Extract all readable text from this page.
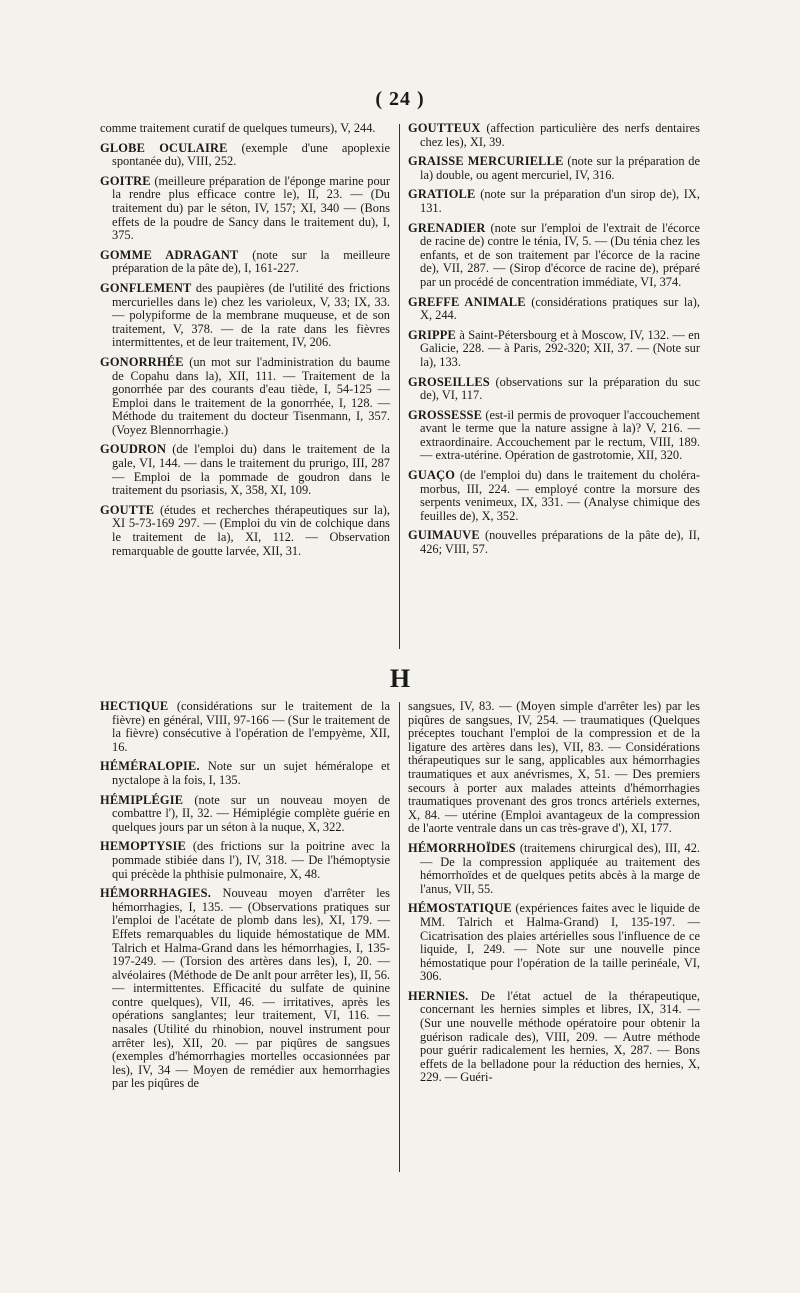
( 24 )

comme traitement curatif de quelques tumeurs), V, 244.

GLOBE OCULAIRE (exemple d'une apoplexie spontanée du), VIII, 252.

GOITRE (meilleure préparation de l'éponge marine pour la rendre plus efficace contre le), II, 23. — (Du traitement du) par le séton, IV, 157; XI, 340 — (Bons effets de la poudre de Sancy dans le traitement du), I, 375.

GOMME ADRAGANT (note sur la meilleure préparation de la pâte de), I, 161-227.

GONFLEMENT des paupières (de l'utilité des frictions mercurielles dans le) chez les varioleux, V, 33; IX, 33. — polypiforme de la membrane muqueuse, et de son traitement, V, 378. — de la rate dans les fièvres intermittentes, et de leur traitement, IV, 206.

GONORRHÉE (un mot sur l'administration du baume de Copahu dans la), XII, 111. — Traitement de la gonorrhée par des courants d'eau tiède, I, 54-125 — Emploi dans le traitement de la gonorrhée, I, 128. — Méthode du traitement du docteur Tisenmann, I, 357. (Voyez Blennorrhagie.)

GOUDRON (de l'emploi du) dans le traitement de la gale, VI, 144. — dans le traitement du prurigo, III, 287 — Emploi de la pommade de goudron dans le traitement du psoriasis, X, 358, XI, 109.

GOUTTE (études et recherches thérapeutiques sur la), XI 5-73-169 297. — (Emploi du vin de colchique dans le traitement de la), XI, 112. — Observation remarquable de goutte larvée, XII, 31.

GOUTTEUX (affection particulière des nerfs dentaires chez les), XI, 39.

GRAISSE MERCURIELLE (note sur la préparation de la) double, ou agent mercuriel, IV, 316.

GRATIOLE (note sur la préparation d'un sirop de), IX, 131.

GRENADIER (note sur l'emploi de l'extrait de l'écorce de racine de) contre le ténia, IV, 5. — (Du ténia chez les enfants, et de son traitement par l'écorce de la racine de), VII, 287. — (Sirop d'écorce de racine de), préparé par un procédé de concentration immédiate, VI, 374.

GREFFE ANIMALE (considérations pratiques sur la), X, 244.

GRIPPE à Saint-Pétersbourg et à Moscow, IV, 132. — en Galicie, 228. — à Paris, 292-320; XII, 37. — (Note sur la), 133.

GROSEILLES (observations sur la préparation du suc de), VI, 117.

GROSSESSE (est-il permis de provoquer l'accouchement avant le terme que la nature assigne à la)? V, 216. — extraordinaire. Accouchement par le rectum, VIII, 189. — extra-utérine. Opération de gastrotomie, XII, 320.

GUAÇO (de l'emploi du) dans le traitement du choléra-morbus, III, 224. — employé contre la morsure des serpents venimeux, IX, 331. — (Analyse chimique des feuilles de), X, 352.

GUIMAUVE (nouvelles préparations de la pâte de), II, 426; VIII, 57.

H

HECTIQUE (considérations sur le traitement de la fièvre) en général, VIII, 97-166 — (Sur le traitement de la fièvre) consécutive à l'opération de l'empyème, XII, 16.

HÉMÉRALOPIE. Note sur un sujet héméralope et nyctalope à la fois, I, 135.

HÉMIPLÉGIE (note sur un nouveau moyen de combattre l'), II, 32. — Hémiplégie complète guérie en quelques jours par un séton à la nuque, X, 322.

HEMOPTYSIE (des frictions sur la poitrine avec la pommade stibiée dans l'), IV, 318. — De l'hémoptysie qui précède la phthisie pulmonaire, X, 48.

HÉMORRHAGIES. Nouveau moyen d'arrêter les hémorrhagies, I, 135. — (Observations pratiques sur l'emploi de l'acétate de plomb dans les), XI, 179. — Effets remarquables du liquide hémostatique de MM. Talrich et Halma-Grand dans les hémorrhagies, I, 135-197-249. — (Torsion des artères dans les), I, 20. — alvéolaires (Méthode de De anlt pour arrêter les), II, 56. — intermittentes. Efficacité du sulfate de quinine contre quelques), VII, 46. — irritatives, après les opérations sanglantes; leur traitement, VI, 116. — nasales (Utilité du rhinobion, nouvel instrument pour arrêter les), XII, 20. — par piqûres de sangsues (exemples d'hémorrhagies mortelles occasionnées par les), IV, 34 — Moyen de remédier aux hemorrhagies par les piqûres de

sangsues, IV, 83. — (Moyen simple d'arrêter les) par les piqûres de sangsues, IV, 254. — traumatiques (Quelques préceptes touchant l'emploi de la compression et de la ligature des artères dans les), VII, 83. — Considérations thérapeutiques sur le sang, applicables aux hémorrhagies traumatiques et aux anévrismes, X, 51. — Des premiers secours à porter aux malades atteints d'hémorrhagies traumatiques provenant des gros troncs artériels externes, X, 84. — utérine (Emploi avantageux de la compression de l'aorte ventrale dans un cas très-grave d'), XI, 177.

HÉMORRHOÏDES (traitemens chirurgical des), III, 42. — De la compression appliquée au traitement des hémorrhoïdes et de quelques petits abcès à la marge de l'anus, VII, 55.

HÉMOSTATIQUE (expériences faites avec le liquide de MM. Talrich et Halma-Grand) I, 135-197. — Cicatrisation des plaies artérielles sous l'influence de ce liquide, I, 249. — Note sur une nouvelle pince hémostatique pour l'opération de la taille perinéale, VI, 306.

HERNIES. De l'état actuel de la thérapeutique, concernant les hernies simples et libres, IX, 314. — (Sur une nouvelle méthode opératoire pour obtenir la guérison radicale des), VIII, 209. — Autre méthode pour guérir radicalement les hernies, X, 287. — Bons effets de la belladone pour la réduction des hernies, X, 229. — Guéri-
